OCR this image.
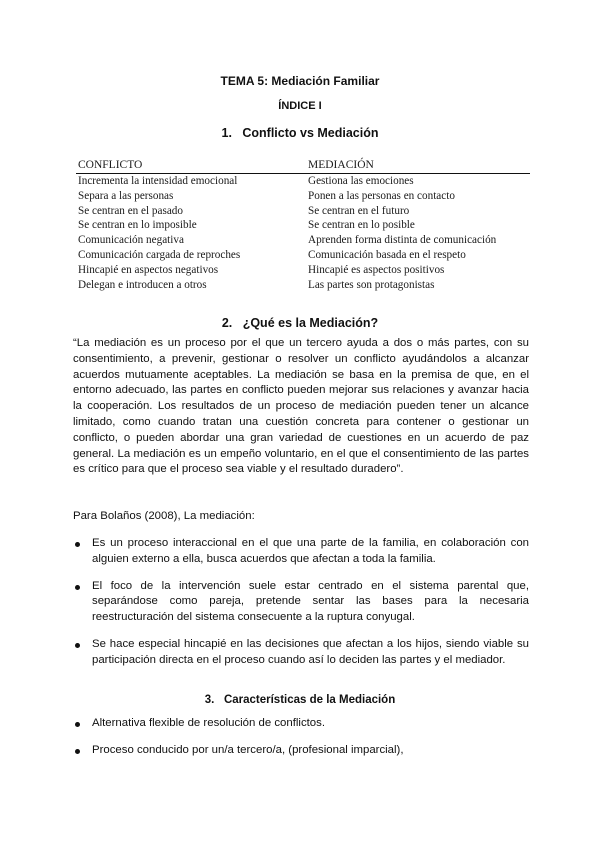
TEMA 5: Mediación Familiar
ÍNDICE I
1. Conflicto vs Mediación
CONFLICTO	MEDIACIÓN
Incrementa la intensidad emocional	Gestiona las emociones
Separa a las personas	Ponen a las personas en contacto
Se centran en el pasado	Se centran en el futuro
Se centran en lo imposible	Se centran en lo posible
Comunicación negativa	Aprenden forma distinta de comunicación
Comunicación cargada de reproches	Comunicación basada en el respeto
Hincapié en aspectos negativos	Hincapié es aspectos positivos
Delegan e introducen a otros	Las partes son protagonistas
2. ¿Qué es la Mediación?

“La mediación es un proceso por el que un tercero ayuda a dos o más partes, con su consentimiento, a prevenir, gestionar o resolver un conflicto ayudándolos a alcanzar acuerdos mutuamente aceptables. La mediación se basa en la premisa de que, en el entorno adecuado, las partes en conflicto pueden mejorar sus relaciones y avanzar hacia la cooperación. Los resultados de un proceso de mediación pueden tener un alcance limitado, como cuando tratan una cuestión concreta para contener o gestionar un conflicto, o pueden abordar una gran variedad de cuestiones en un acuerdo de paz general. La mediación es un empeño voluntario, en el que el consentimiento de las partes es crítico para que el proceso sea viable y el resultado duradero”.

Para Bolaños (2008), La mediación:

Es un proceso interaccional en el que una parte de la familia, en colaboración con alguien externo a ella, busca acuerdos que afectan a toda la familia.
El foco de la intervención suele estar centrado en el sistema parental que, separándose como pareja, pretende sentar las bases para la necesaria reestructuración del sistema consecuente a la ruptura conyugal.
Se hace especial hincapié en las decisiones que afectan a los hijos, siendo viable su participación directa en el proceso cuando así lo deciden las partes y el mediador.
3. Características de la Mediación
Alternativa flexible de resolución de conflictos.
Proceso conducido por un/a tercero/a, (profesional imparcial),
